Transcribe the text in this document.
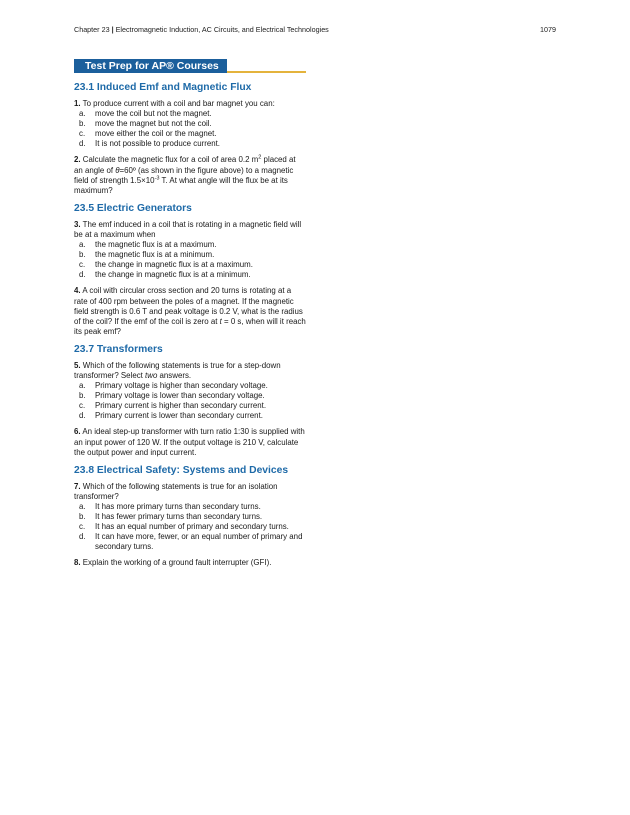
Chapter 23 | Electromagnetic Induction, AC Circuits, and Electrical Technologies	1079
Test Prep for AP® Courses
23.1 Induced Emf and Magnetic Flux

1. To produce current with a coil and bar magnet you can:

a. move the coil but not the magnet.
b. move the magnet but not the coil.
c. move either the coil or the magnet.
d. It is not possible to produce current.

2. Calculate the magnetic flux for a coil of area 0.2 $m^2$ placed at an angle of θ=60º (as shown in the figure above) to a magnetic field of strength $1.5\times 10^{-3}$ T. At what angle will the flux be at its maximum?

23.5 Electric Generators

3. The emf induced in a coil that is rotating in a magnetic field will be at a maximum when

a. the magnetic flux is at a maximum.
b. the magnetic flux is at a minimum.
c. the change in magnetic flux is at a maximum.
d. the change in magnetic flux is at a minimum.

4. A coil with circular cross section and 20 turns is rotating at a rate of 400 rpm between the poles of a magnet. If the magnetic field strength is 0.6 T and peak voltage is 0.2 V, what is the radius of the coil? If the emf of the coil is zero at t = 0 s, when will it reach its peak emf?

23.7 Transformers

5. Which of the following statements is true for a step-down transformer? Select two answers.

a. Primary voltage is higher than secondary voltage.
b. Primary voltage is lower than secondary voltage.
c. Primary current is higher than secondary current.
d. Primary current is lower than secondary current.

6. An ideal step-up transformer with turn ratio 1:30 is supplied with an input power of 120 W. If the output voltage is 210 V, calculate the output power and input current.

23.8 Electrical Safety: Systems and Devices

7. Which of the following statements is true for an isolation transformer?

a. It has more primary turns than secondary turns.
b. It has fewer primary turns than secondary turns.
c. It has an equal number of primary and secondary turns.
d. It can have more, fewer, or an equal number of primary and secondary turns.

8. Explain the working of a ground fault interrupter (GFI).
